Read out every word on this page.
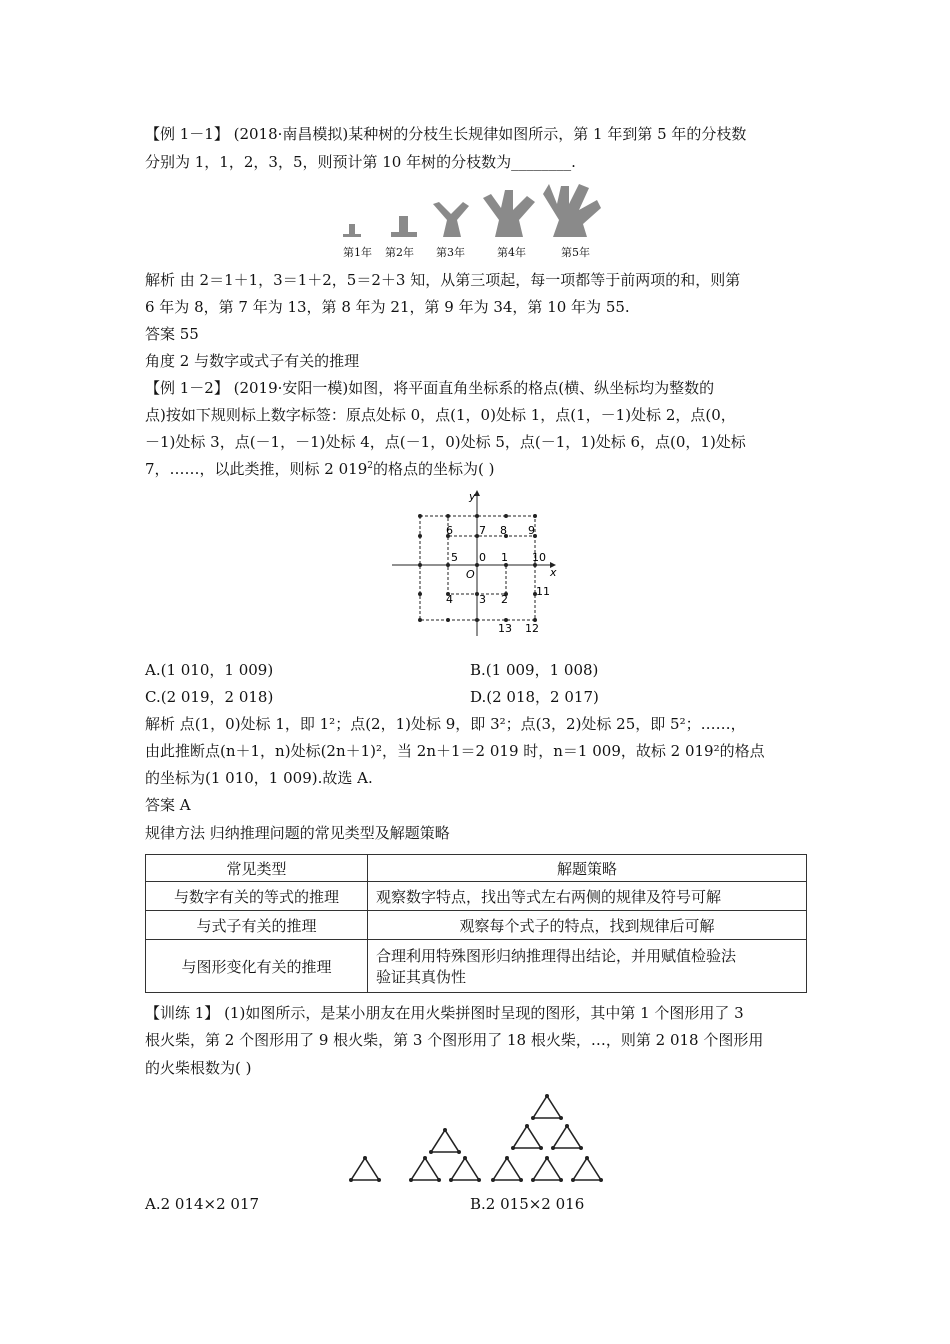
【例 1－1】 (2018·南昌模拟)某种树的分枝生长规律如图所示，第 1 年到第 5 年的分枝数
分别为 1，1，2，3，5，则预计第 10 年树的分枝数为________.
第1年 第2年 第3年	第4年	第5年
解析 由 2＝1＋1，3＝1＋2，5＝2＋3 知，从第三项起，每一项都等于前两项的和，则第
6 年为 8，第 7 年为 13，第 8 年为 21，第 9 年为 34，第 10 年为 55.
答案 55
角度 2 与数字或式子有关的推理
【例 1－2】 (2019·安阳一模)如图，将平面直角坐标系的格点(横、纵坐标均为整数的
点)按如下规则标上数字标签：原点处标 0，点(1，0)处标 1，点(1，－1)处标 2，点(0，
－1)处标 3，点(－1，－1)处标 4，点(－1，0)处标 5，点(－1，1)处标 6，点(0，1)处标
7，……，以此类推，则标 2 $019^2$的格点的坐标为( )
y
x
O
0 1
2
3
4
5
6 7 8 9
10
11
12
13
A.(1 010，1 009)	B.(1 009，1 008)
C.(2 019，2 018)	D.(2 018，2 017)
解析 点(1，0)处标 1，即 1²；点(2，1)处标 9，即 3²；点(3，2)处标 25，即 5²；……，
由此推断点(n＋1，n)处标(2n＋1)²，当 2n＋1＝2 019 时，n＝1 009，故标 2 019²的格点
的坐标为(1 010，1 009).故选 A.
答案 A
规律方法 归纳推理问题的常见类型及解题策略
常见类型	解题策略
与数字有关的等式的推理	观察数字特点，找出等式左右两侧的规律及符号可解
与式子有关的推理	观察每个式子的特点，找到规律后可解
与图形变化有关的推理	合理利用特殊图形归纳推理得出结论，并用赋值检验法
验证其真伪性
【训练 1】 (1)如图所示，是某小朋友在用火柴拼图时呈现的图形，其中第 1 个图形用了 3
根火柴，第 2 个图形用了 9 根火柴，第 3 个图形用了 18 根火柴，…，则第 2 018 个图形用
的火柴根数为( )
A.2 014×2 017	B.2 015×2 016
